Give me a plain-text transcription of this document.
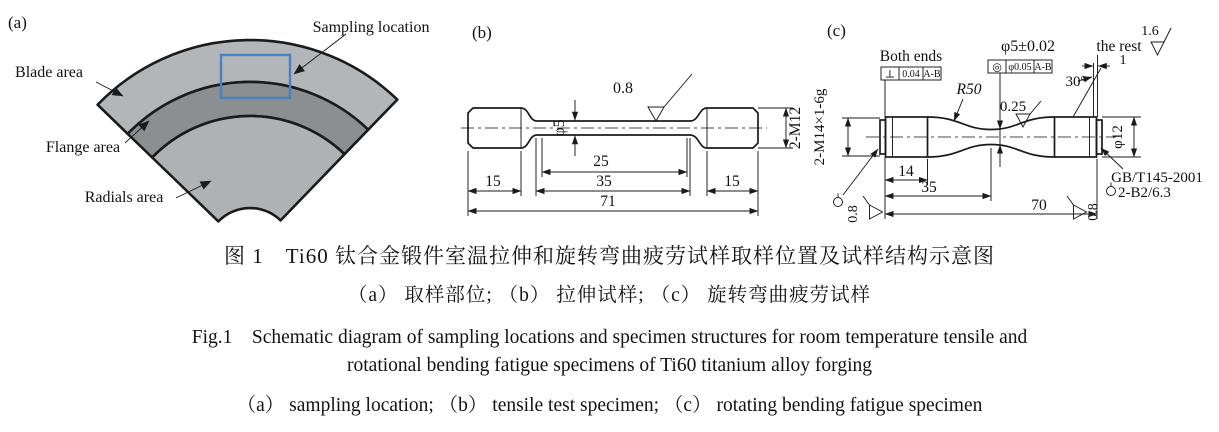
(a)	Sampling location
Blade area
Flange area
Radials area
φ5
0.8
2-M12
25
35
71
15	15
(b)
Both ends
⊥ 0.04 A-B
φ5±0.02
◎ φ0.05 A-B
R50
0.25
30°
1
the rest
1.6
2-M14×1-6g
0.8	0.8
φ12
GB/T145-2001
2-B2/6.3
14
35
70
(c)
图 1　Ti60 钛合金锻件室温拉伸和旋转弯曲疲劳试样取样位置及试样结构示意图
（a） 取样部位; （b） 拉伸试样; （c） 旋转弯曲疲劳试样
Fig.1　Schematic diagram of sampling locations and specimen structures for room temperature tensile and
rotational bending fatigue specimens of Ti60 titanium alloy forging
（a） sampling location; （b） tensile test specimen; （c） rotating bending fatigue specimen
